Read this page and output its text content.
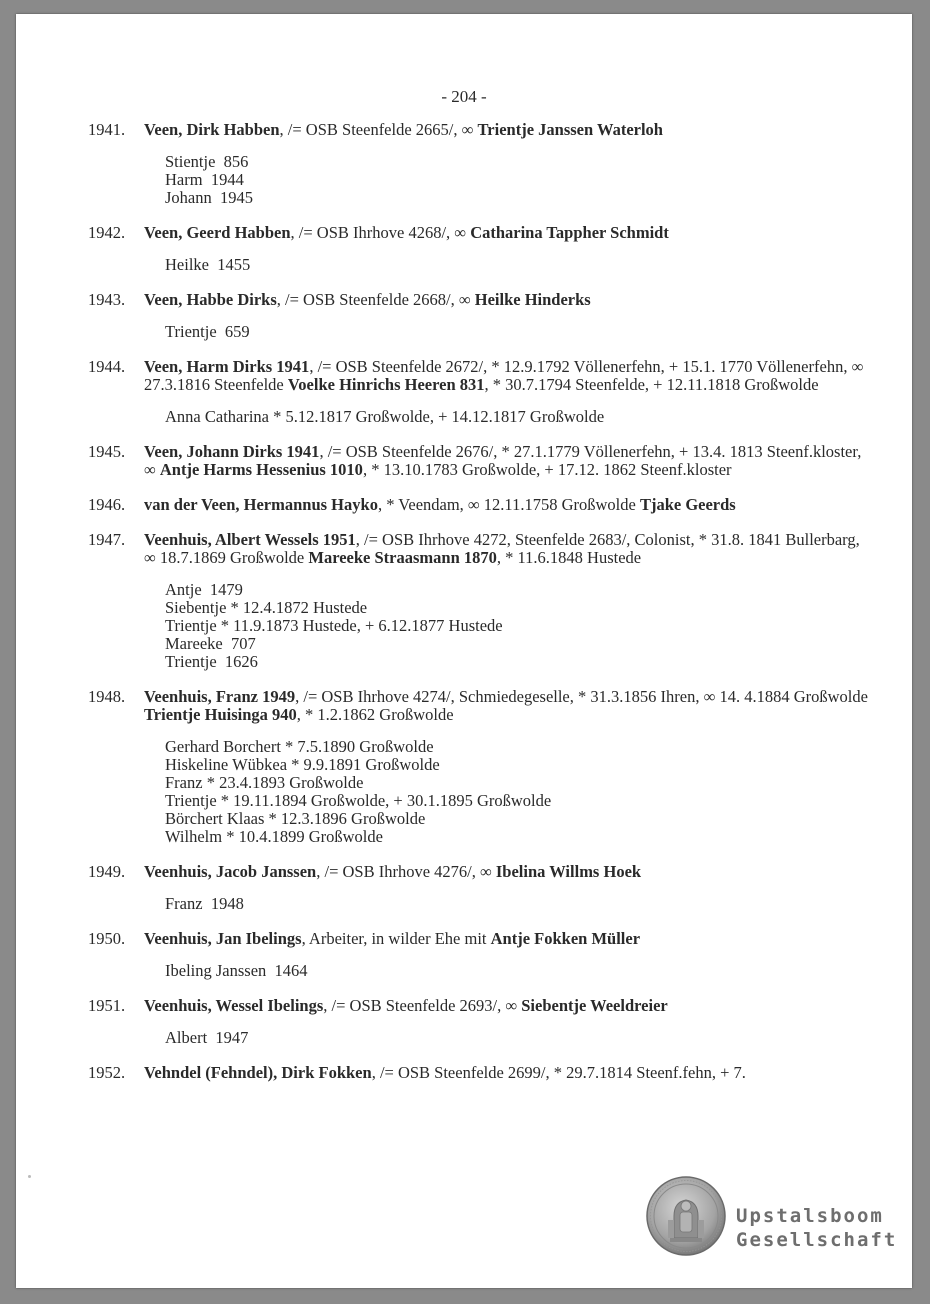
- 204 -
1941. Veen, Dirk Habben, /= OSB Steenfelde 2665/, ∞ Trientje Janssen Waterloh
Stientje  856
Harm  1944
Johann  1945
1942. Veen, Geerd Habben, /= OSB Ihrhove 4268/, ∞ Catharina Tappher Schmidt
Heilke  1455
1943. Veen, Habbe Dirks, /= OSB Steenfelde 2668/, ∞ Heilke Hinderks
Trientje  659
1944. Veen, Harm Dirks 1941, /= OSB Steenfelde 2672/, * 12.9.1792 Völlenerfehn, + 15.1. 1770 Völlenerfehn, ∞ 27.3.1816 Steenfelde Voelke Hinrichs Heeren 831, * 30.7.1794 Steenfelde, + 12.11.1818 Großwolde
Anna Catharina * 5.12.1817 Großwolde, + 14.12.1817 Großwolde
1945. Veen, Johann Dirks 1941, /= OSB Steenfelde 2676/, * 27.1.1779 Völlenerfehn, + 13.4. 1813 Steenf.kloster, ∞ Antje Harms Hessenius 1010, * 13.10.1783 Großwolde, + 17.12. 1862 Steenf.kloster
1946. van der Veen, Hermannus Hayko, * Veendam, ∞ 12.11.1758 Großwolde Tjake Geerds
1947. Veenhuis, Albert Wessels 1951, /= OSB Ihrhove 4272, Steenfelde 2683/, Colonist, * 31.8. 1841 Bullerbarg, ∞ 18.7.1869 Großwolde Mareeke Straasmann 1870, * 11.6.1848 Hustede
Antje  1479
Siebentje * 12.4.1872 Hustede
Trientje * 11.9.1873 Hustede, + 6.12.1877 Hustede
Mareeke  707
Trientje  1626
1948. Veenhuis, Franz 1949, /= OSB Ihrhove 4274/, Schmiedegeselle, * 31.3.1856 Ihren, ∞ 14. 4.1884 Großwolde Trientje Huisinga 940, * 1.2.1862 Großwolde
Gerhard Borchert * 7.5.1890 Großwolde
Hiskeline Wübkea * 9.9.1891 Großwolde
Franz * 23.4.1893 Großwolde
Trientje * 19.11.1894 Großwolde, + 30.1.1895 Großwolde
Börchert Klaas * 12.3.1896 Großwolde
Wilhelm * 10.4.1899 Großwolde
1949. Veenhuis, Jacob Janssen, /= OSB Ihrhove 4276/, ∞ Ibelina Willms Hoek
Franz  1948
1950. Veenhuis, Jan Ibelings, Arbeiter, in wilder Ehe mit Antje Fokken Müller
Ibeling Janssen  1464
1951. Veenhuis, Wessel Ibelings, /= OSB Steenfelde 2693/, ∞ Siebentje Weeldreier
Albert  1947
1952. Vehndel (Fehndel), Dirk Fokken, /= OSB Steenfelde 2699/, * 29.7.1814 Steenf.fehn, + 7.
Upstalsboom
Gesellschaft
